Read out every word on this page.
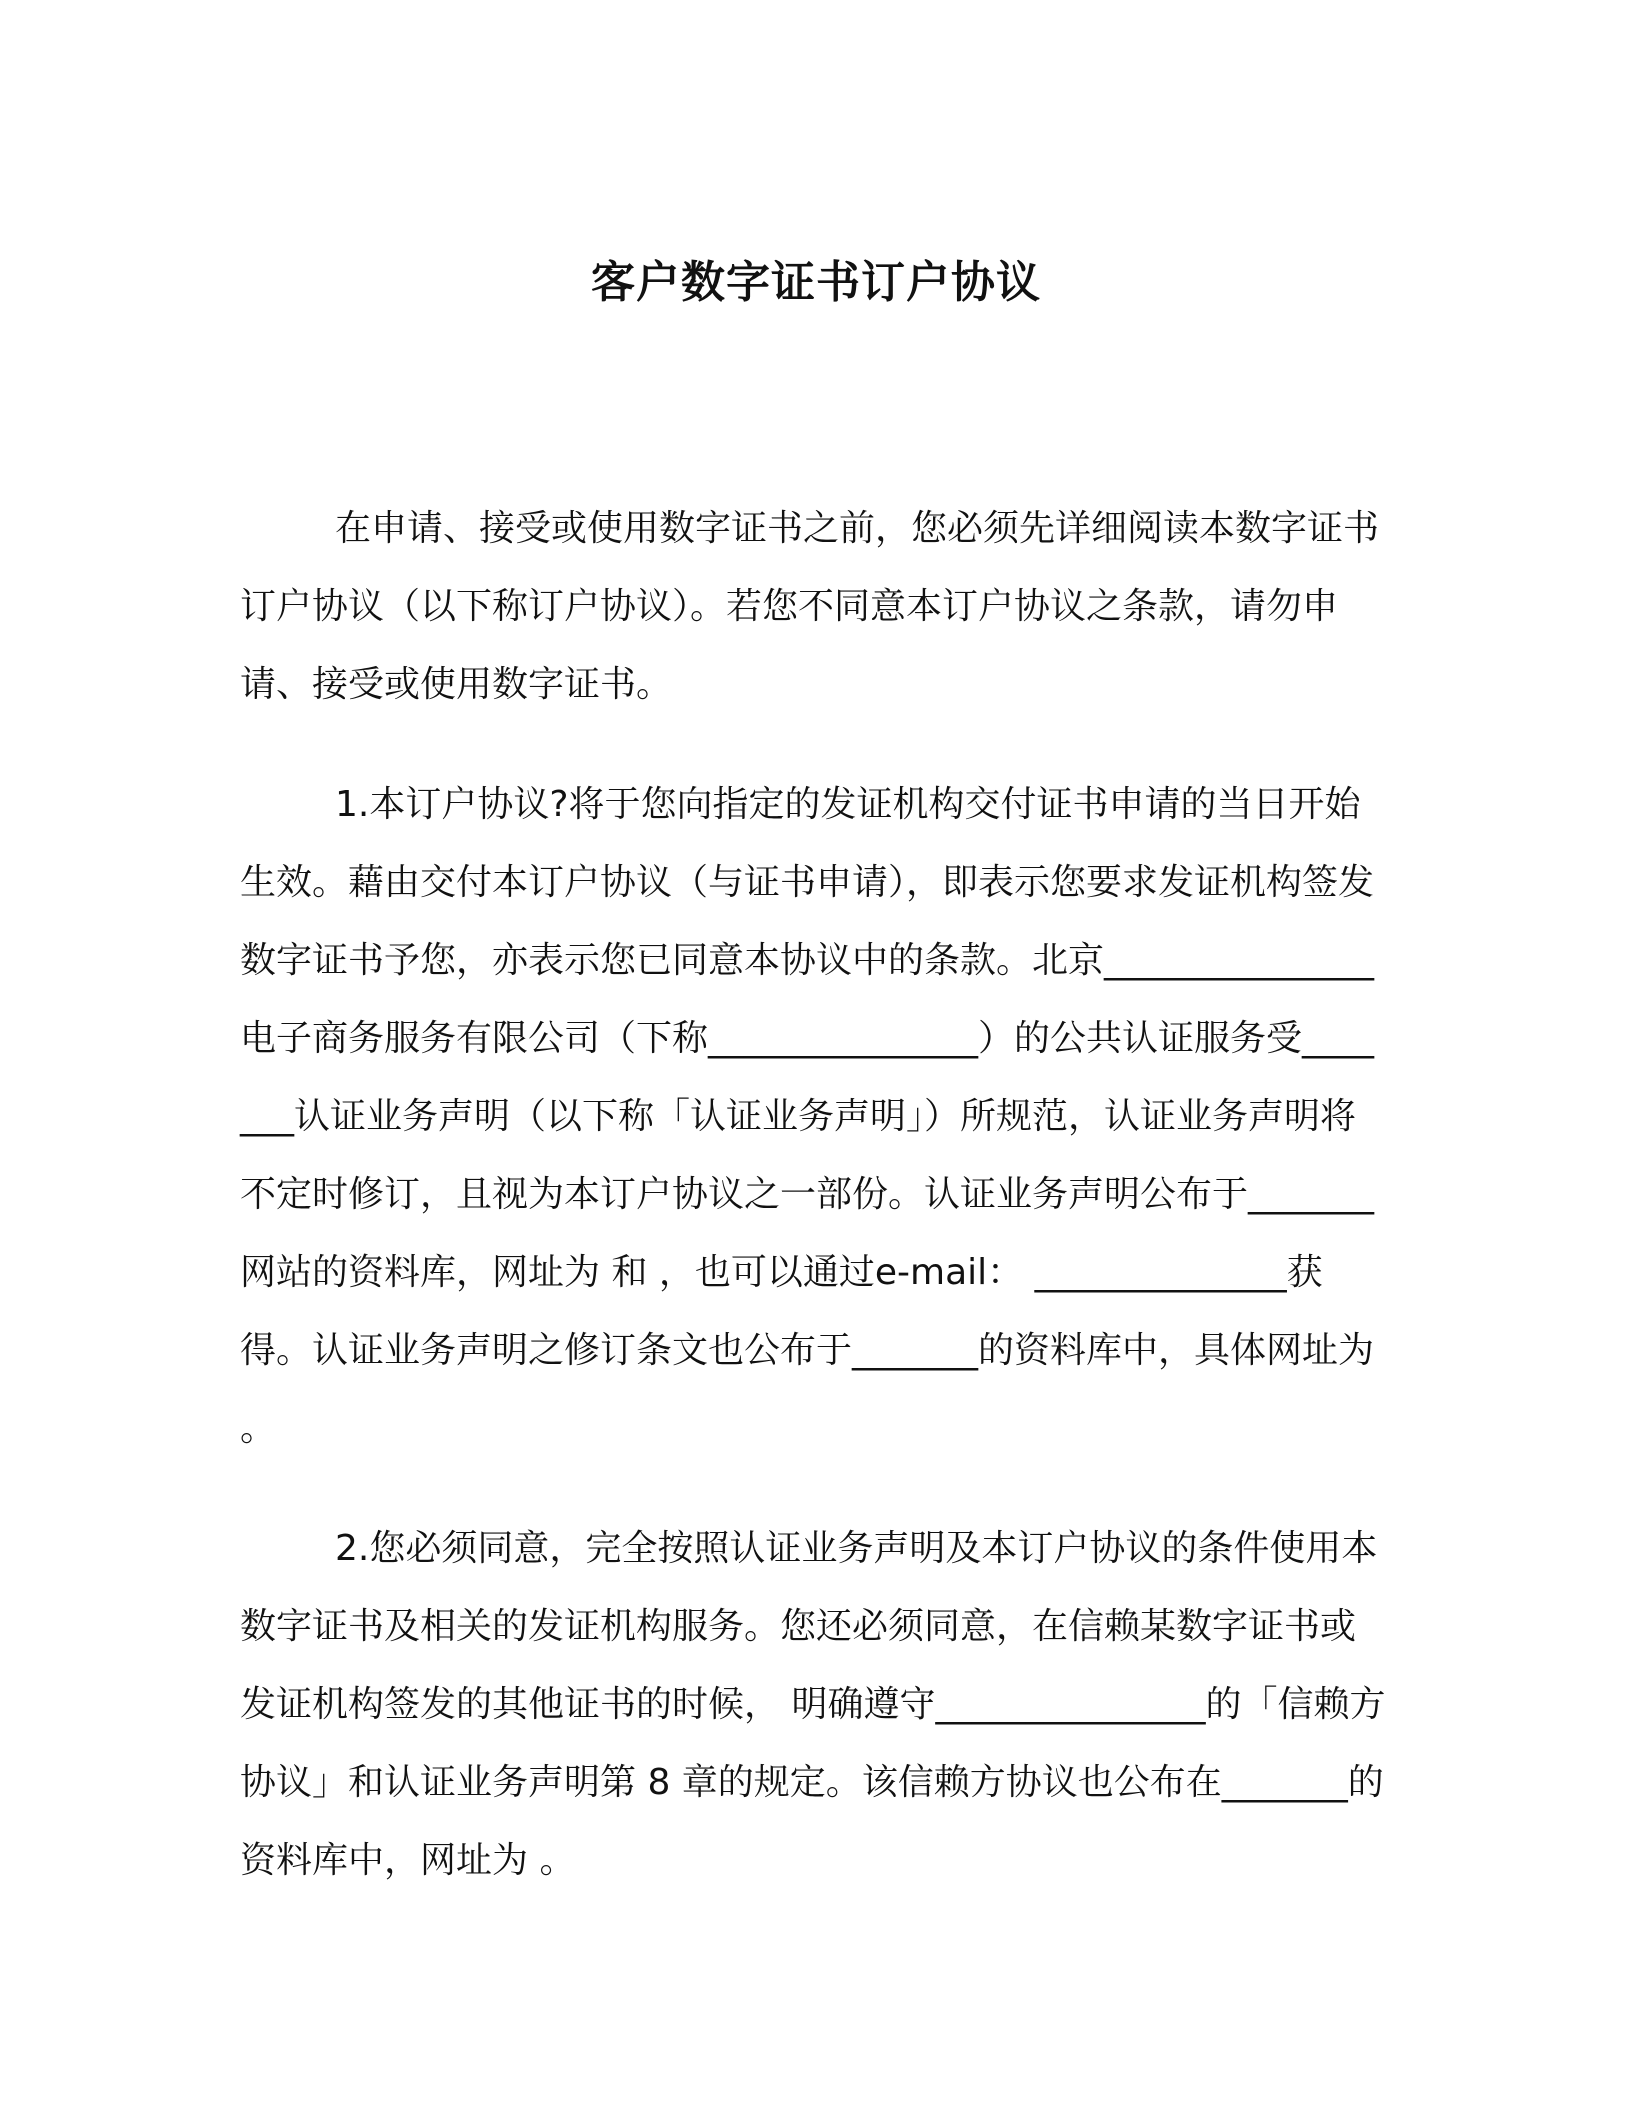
客户数字证书订户协议

在申请、接受或使用数字证书之前，您必须先详细阅读本数字证书订户协议（以下称订户协议）。若您不同意本订户协议之条款，请勿申请、接受或使用数字证书。

1.本订户协议?将于您向指定的发证机构交付证书申请的当日开始生效。藉由交付本订户协议（与证书申请），即表示您要求发证机构签发数字证书予您，亦表示您已同意本协议中的条款。北京_______________电子商务服务有限公司（下称_______________）的公共认证服务受_______认证业务声明（以下称「认证业务声明」）所规范，认证业务声明将不定时修订，且视为本订户协议之一部份。认证业务声明公布于_______网站的资料库，网址为 和 ，也可以通过e-mail： ______________获得。认证业务声明之修订条文也公布于_______的资料库中，具体网址为 。

2.您必须同意，完全按照认证业务声明及本订户协议的条件使用本数字证书及相关的发证机构服务。您还必须同意，在信赖某数字证书或发证机构签发的其他证书的时候， 明确遵守_______________的「信赖方协议」和认证业务声明第 8 章的规定。该信赖方协议也公布在_______的资料库中，网址为 。
